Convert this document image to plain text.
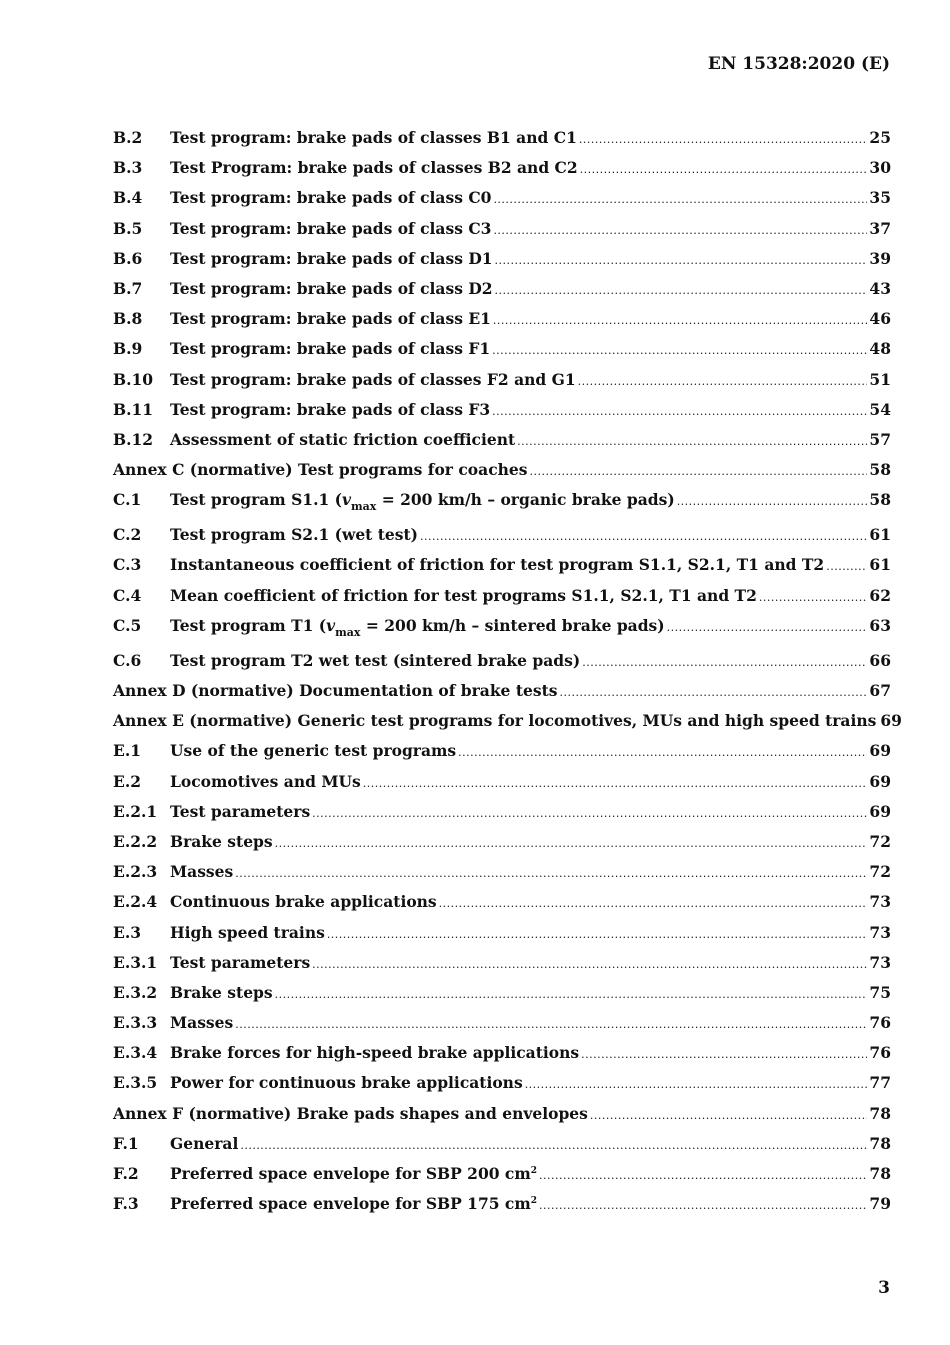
EN 15328:2020 (E)
B.2	Test program: brake pads of classes B1 and C1 .....	25
B.3	Test Program: brake pads of classes B2 and C2 .....	30
B.4	Test program: brake pads of class C0 .....	35
B.5	Test program: brake pads of class C3 .....	37
B.6	Test program: brake pads of class D1 .....	39
B.7	Test program: brake pads of class D2 .....	43
B.8	Test program: brake pads of class E1 .....	46
B.9	Test program: brake pads of class F1 .....	48
B.10	Test program: brake pads of classes F2 and G1 .....	51
B.11	Test program: brake pads of class F3 .....	54
B.12	Assessment of static friction coefficient .....	57
Annex C (normative) Test programs for coaches .....	58
C.1	Test program S1.1 ($v_{max} = 200$ km/h – organic brake pads) .....	58
C.2	Test program S2.1 (wet test) .....	61
C.3	Instantaneous coefficient of friction for test program S1.1, S2.1, T1 and T2 .....	61
C.4	Mean coefficient of friction for test programs S1.1, S2.1, T1 and T2 .....	62
C.5	Test program T1 ($v_{max} = 200$ km/h – sintered brake pads) .....	63
C.6	Test program T2 wet test (sintered brake pads) .....	66
Annex D (normative) Documentation of brake tests .....	67
Annex E (normative) Generic test programs for locomotives, MUs and high speed trains 69
E.1	Use of the generic test programs .....	69
E.2	Locomotives and MUs .....	69
E.2.1 Test parameters .....	69
E.2.2 Brake steps .....	72
E.2.3 Masses .....	72
E.2.4 Continuous brake applications .....	73
E.3	High speed trains .....	73
E.3.1 Test parameters .....	73
E.3.2 Brake steps .....	75
E.3.3 Masses .....	76
E.3.4 Brake forces for high-speed brake applications .....	76
E.3.5 Power for continuous brake applications .....	77
Annex F (normative) Brake pads shapes and envelopes .....	78
F.1	General .....	78
F.2	Preferred space envelope for SBP 200 $cm^2$ .....	78
F.3	Preferred space envelope for SBP 175 $cm^2$ .....	79
3
